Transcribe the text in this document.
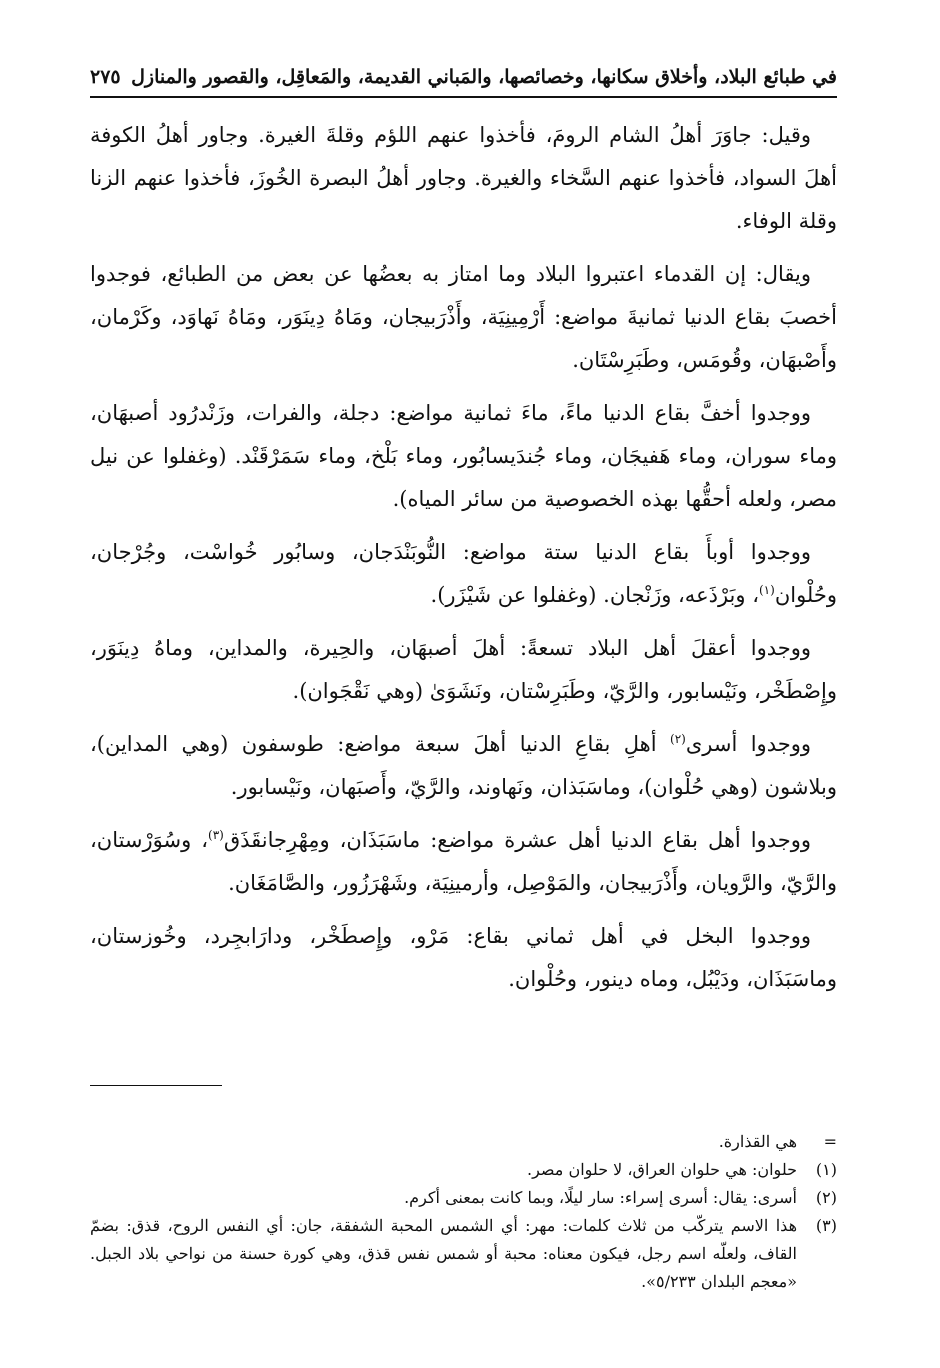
في طبائع البلاد، وأخلاق سكانها، وخصائصها، والمَباني القديمة، والمَعاقِل، والقصور والمنازل
٢٧٥

وقيل: جاوَرَ أهلُ الشام الرومَ، فأخذوا عنهم اللؤم وقلةَ الغيرة. وجاور أهلُ الكوفة أهلَ السواد، فأخذوا عنهم السَّخاء والغيرة. وجاور أهلُ البصرة الخُوزَ، فأخذوا عنهم الزنا وقلة الوفاء.

ويقال: إن القدماء اعتبروا البلاد وما امتاز به بعضُها عن بعض من الطبائع، فوجدوا أخصبَ بقاع الدنيا ثمانيةَ مواضع: أَرْمِينِيَة، وأَذْرَبيجان، ومَاهُ دِينَوَر، ومَاهُ نَهاوَد، وكَرْمان، وأَصْبهَان، وقُومَس، وطَبَرِسْتَان.

ووجدوا أخفَّ بقاع الدنيا ماءً، ماءَ ثمانية مواضع: دجلة، والفرات، وزَنْدرُود أصبهَان، وماء سوران، وماء هَفيجَان، وماء جُندَيسابُور، وماء بَلْخ، وماء سَمَرْقَنْد. (وغفلوا عن نيل مصر، ولعله أحقُّها بهذه الخصوصية من سائر المياه).

ووجدوا أوبأَ بقاع الدنيا ستة مواضع: النُّوبَنْدَجان، وسابُور خُواسْت، وجُرْجان، وحُلْوان$^{(١)}$، وبَرْذَعه، وزَنْجان. (وغفلوا عن شَيْزَر).

ووجدوا أعقلَ أهل البلاد تسعةً: أهلَ أصبهَان، والحِيرة، والمداين، وماهُ دِينَوَر، وإِصْطَخْر، ونَيْسابور، والرَّيّ، وطَبَرِسْتان، ونَشَوَىٰ (وهي نَقْجَوان).

ووجدوا أسرى$^{(٢)}$ أهلِ بقاعِ الدنيا أهلَ سبعة مواضع: طوسفون (وهي المداين)، وبلاشون (وهي حُلْوان)، وماسَبَذان، ونَهاوند، والرَّيّ، وأَصبَهان، ونَيْسابور.

ووجدوا أهل بقاع الدنيا أهل عشرة مواضع: ماسَبَذَان، ومِهْرِجانقَذَق$^{(٣)}$، وسُوَرْستان، والرَّيّ، والرَّويان، وأَذْرَبيجان، والمَوْصِل، وأرمينِيَة، وشَهْرَزُور، والصَّامَغَان.

ووجدوا البخل في أهل ثماني بقاع: مَرْو، وإِصطَخْر، ودارَابجِرد، وخُوزستان، وماسَبَذَان، ودَيْبُل، وماه دينور، وحُلْوان.

=
هي القذارة.
(١)
حلوان: هي حلوان العراق، لا حلوان مصر.
(٢)
أسرى: يقال: أسرى إسراء: سار ليلًا، وبما كانت بمعنى أكرم.
(٣)
هذا الاسم يتركّب من ثلاث كلمات: مهر: أي الشمس المحبة الشفقة، جان: أي النفس الروح، قذق: بضمّ القاف، ولعلّه اسم رجل، فيكون معناه: محبة أو شمس نفس قذق، وهي كورة حسنة من نواحي بلاد الجبل. «معجم البلدان ٥/٢٣٣».
